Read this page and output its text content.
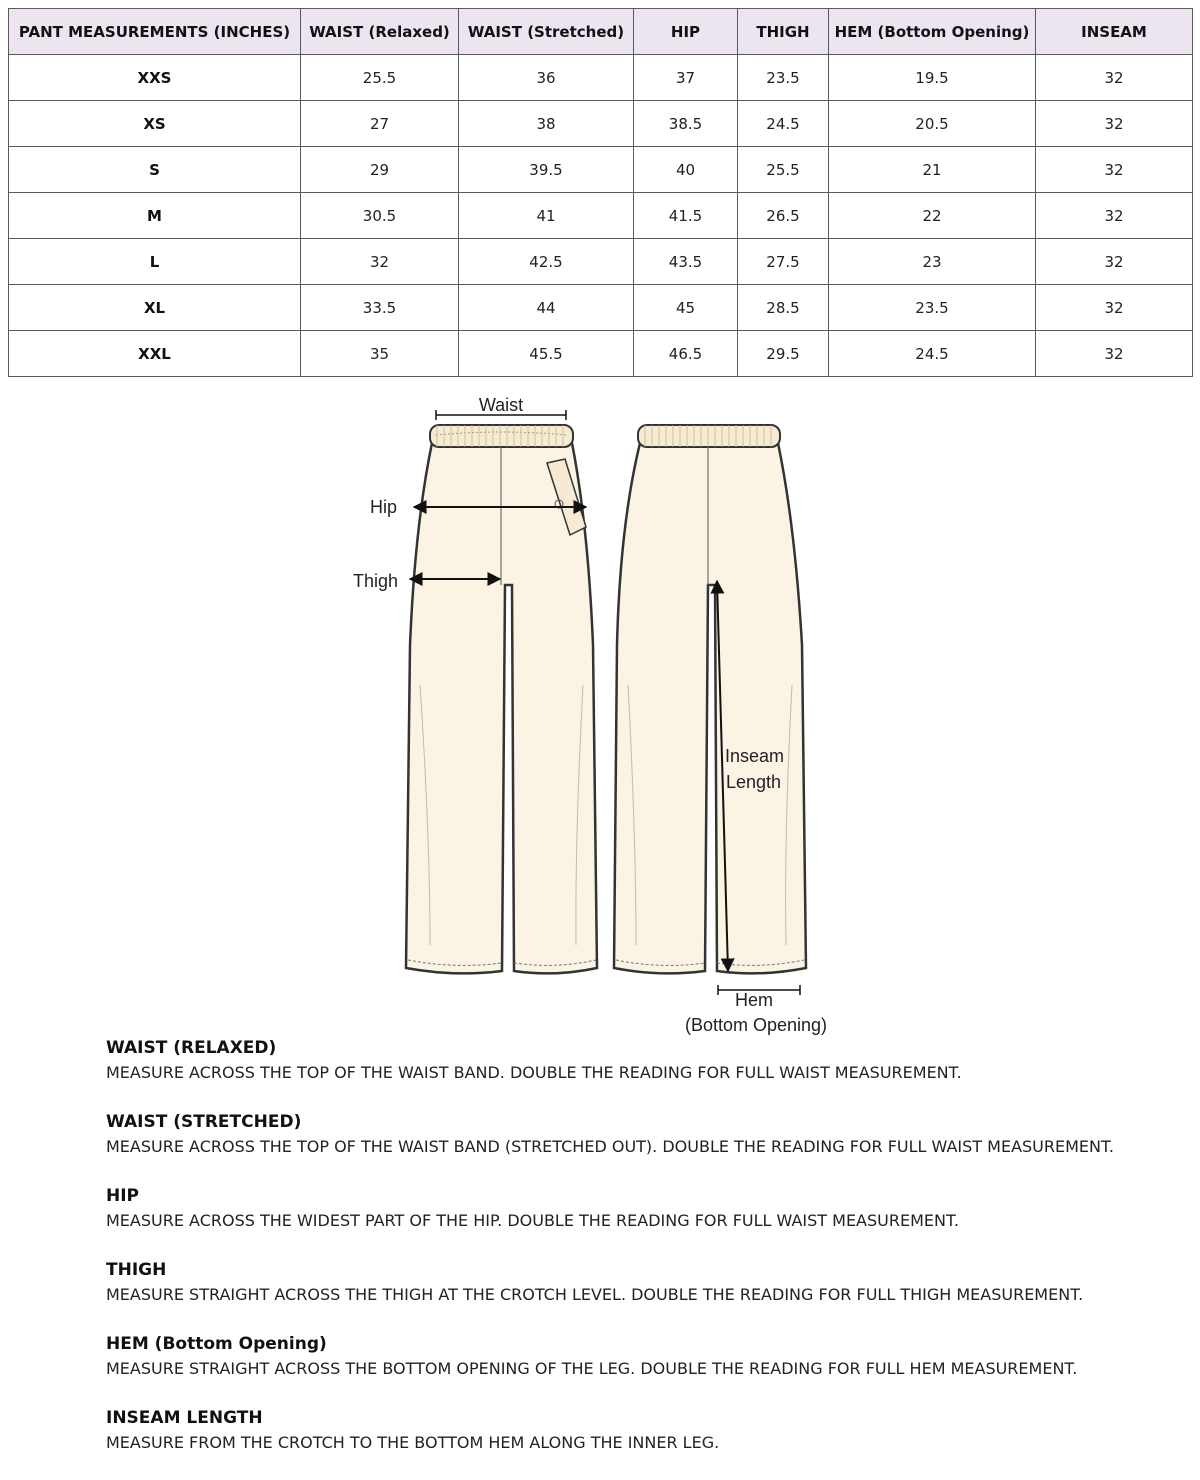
PANT MEASUREMENTS (INCHES)	WAIST (Relaxed)	WAIST (Stretched)	HIP	THIGH	HEM (Bottom Opening)	INSEAM
XXS	25.5	36	37	23.5	19.5	32
XS	27	38	38.5	24.5	20.5	32
S	29	39.5	40	25.5	21	32
M	30.5	41	41.5	26.5	22	32
L	32	42.5	43.5	27.5	23	32
XL	33.5	44	45	28.5	23.5	32
XXL	35	45.5	46.5	29.5	24.5	32
Waist
Hip
Thigh
Inseam
Length
Hem
(Bottom Opening)
WAIST (RELAXED)
MEASURE ACROSS THE TOP OF THE WAIST BAND. DOUBLE THE READING FOR FULL WAIST MEASUREMENT.
WAIST (STRETCHED)
MEASURE ACROSS THE TOP OF THE WAIST BAND (STRETCHED OUT). DOUBLE THE READING FOR FULL WAIST MEASUREMENT.
HIP
MEASURE ACROSS THE WIDEST PART OF THE HIP. DOUBLE THE READING FOR FULL WAIST MEASUREMENT.
THIGH
MEASURE STRAIGHT ACROSS THE THIGH AT THE CROTCH LEVEL. DOUBLE THE READING FOR FULL THIGH MEASUREMENT.
HEM (Bottom Opening)
MEASURE STRAIGHT ACROSS THE BOTTOM OPENING OF THE LEG. DOUBLE THE READING FOR FULL HEM MEASUREMENT.
INSEAM LENGTH
MEASURE FROM THE CROTCH TO THE BOTTOM HEM ALONG THE INNER LEG.
